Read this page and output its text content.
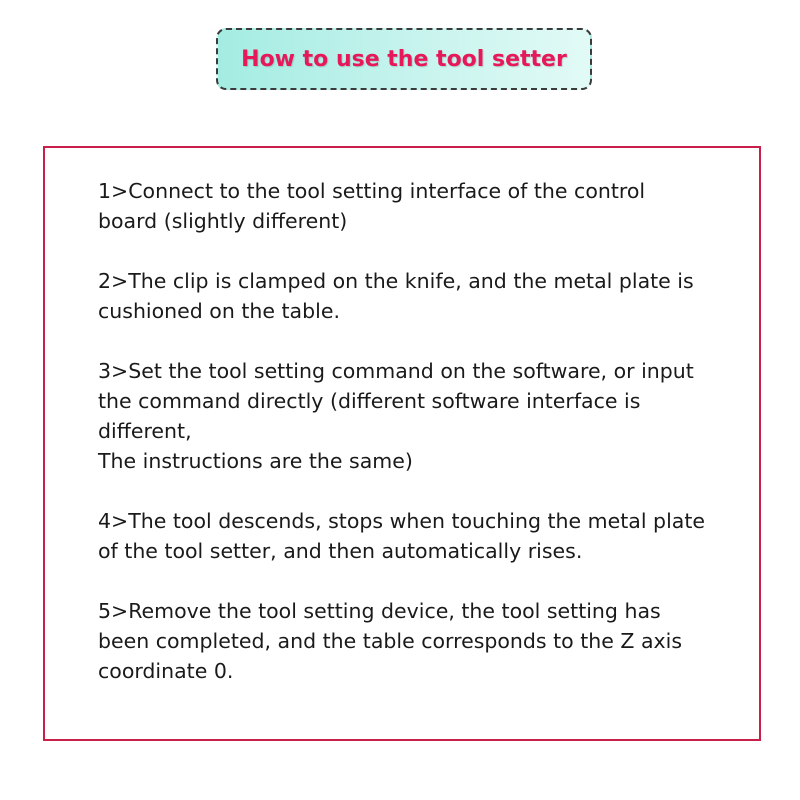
How to use the tool setter
1>Connect to the tool setting interface of the control
board (slightly different)
2>The clip is clamped on the knife, and the metal plate is
cushioned on the table.
3>Set the tool setting command on the software, or input
the command directly (different software interface is
different,
The instructions are the same)
4>The tool descends, stops when touching the metal plate
of the tool setter, and then automatically rises.
5>Remove the tool setting device, the tool setting has
been completed, and the table corresponds to the Z axis
coordinate 0.
